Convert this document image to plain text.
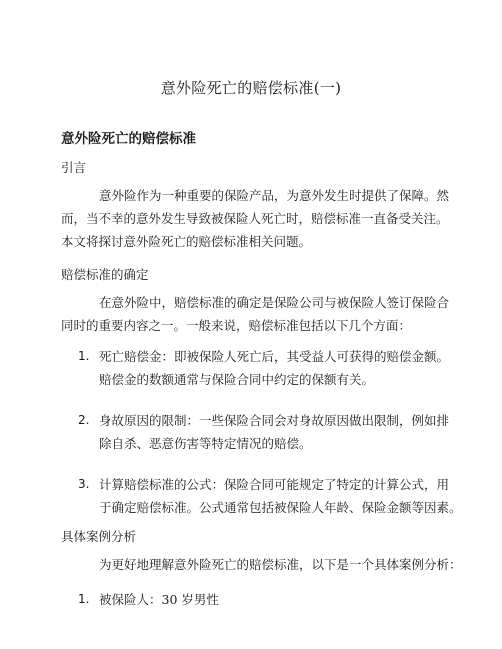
意外险死亡的赔偿标准(一)
意外险死亡的赔偿标准
引言
意外险作为一种重要的保险产品，为意外发生时提供了保障。然
而，当不幸的意外发生导致被保险人死亡时，赔偿标准一直备受关注。
本文将探讨意外险死亡的赔偿标准相关问题。
赔偿标准的确定
在意外险中，赔偿标准的确定是保险公司与被保险人签订保险合
同时的重要内容之一。一般来说，赔偿标准包括以下几个方面：
1. 死亡赔偿金：即被保险人死亡后，其受益人可获得的赔偿金额。
赔偿金的数额通常与保险合同中约定的保额有关。
2. 身故原因的限制：一些保险合同会对身故原因做出限制，例如排
除自杀、恶意伤害等特定情况的赔偿。
3. 计算赔偿标准的公式：保险合同可能规定了特定的计算公式，用
于确定赔偿标准。公式通常包括被保险人年龄、保险金额等因素。
具体案例分析
为更好地理解意外险死亡的赔偿标准，以下是一个具体案例分析：
1. 被保险人：30 岁男性
